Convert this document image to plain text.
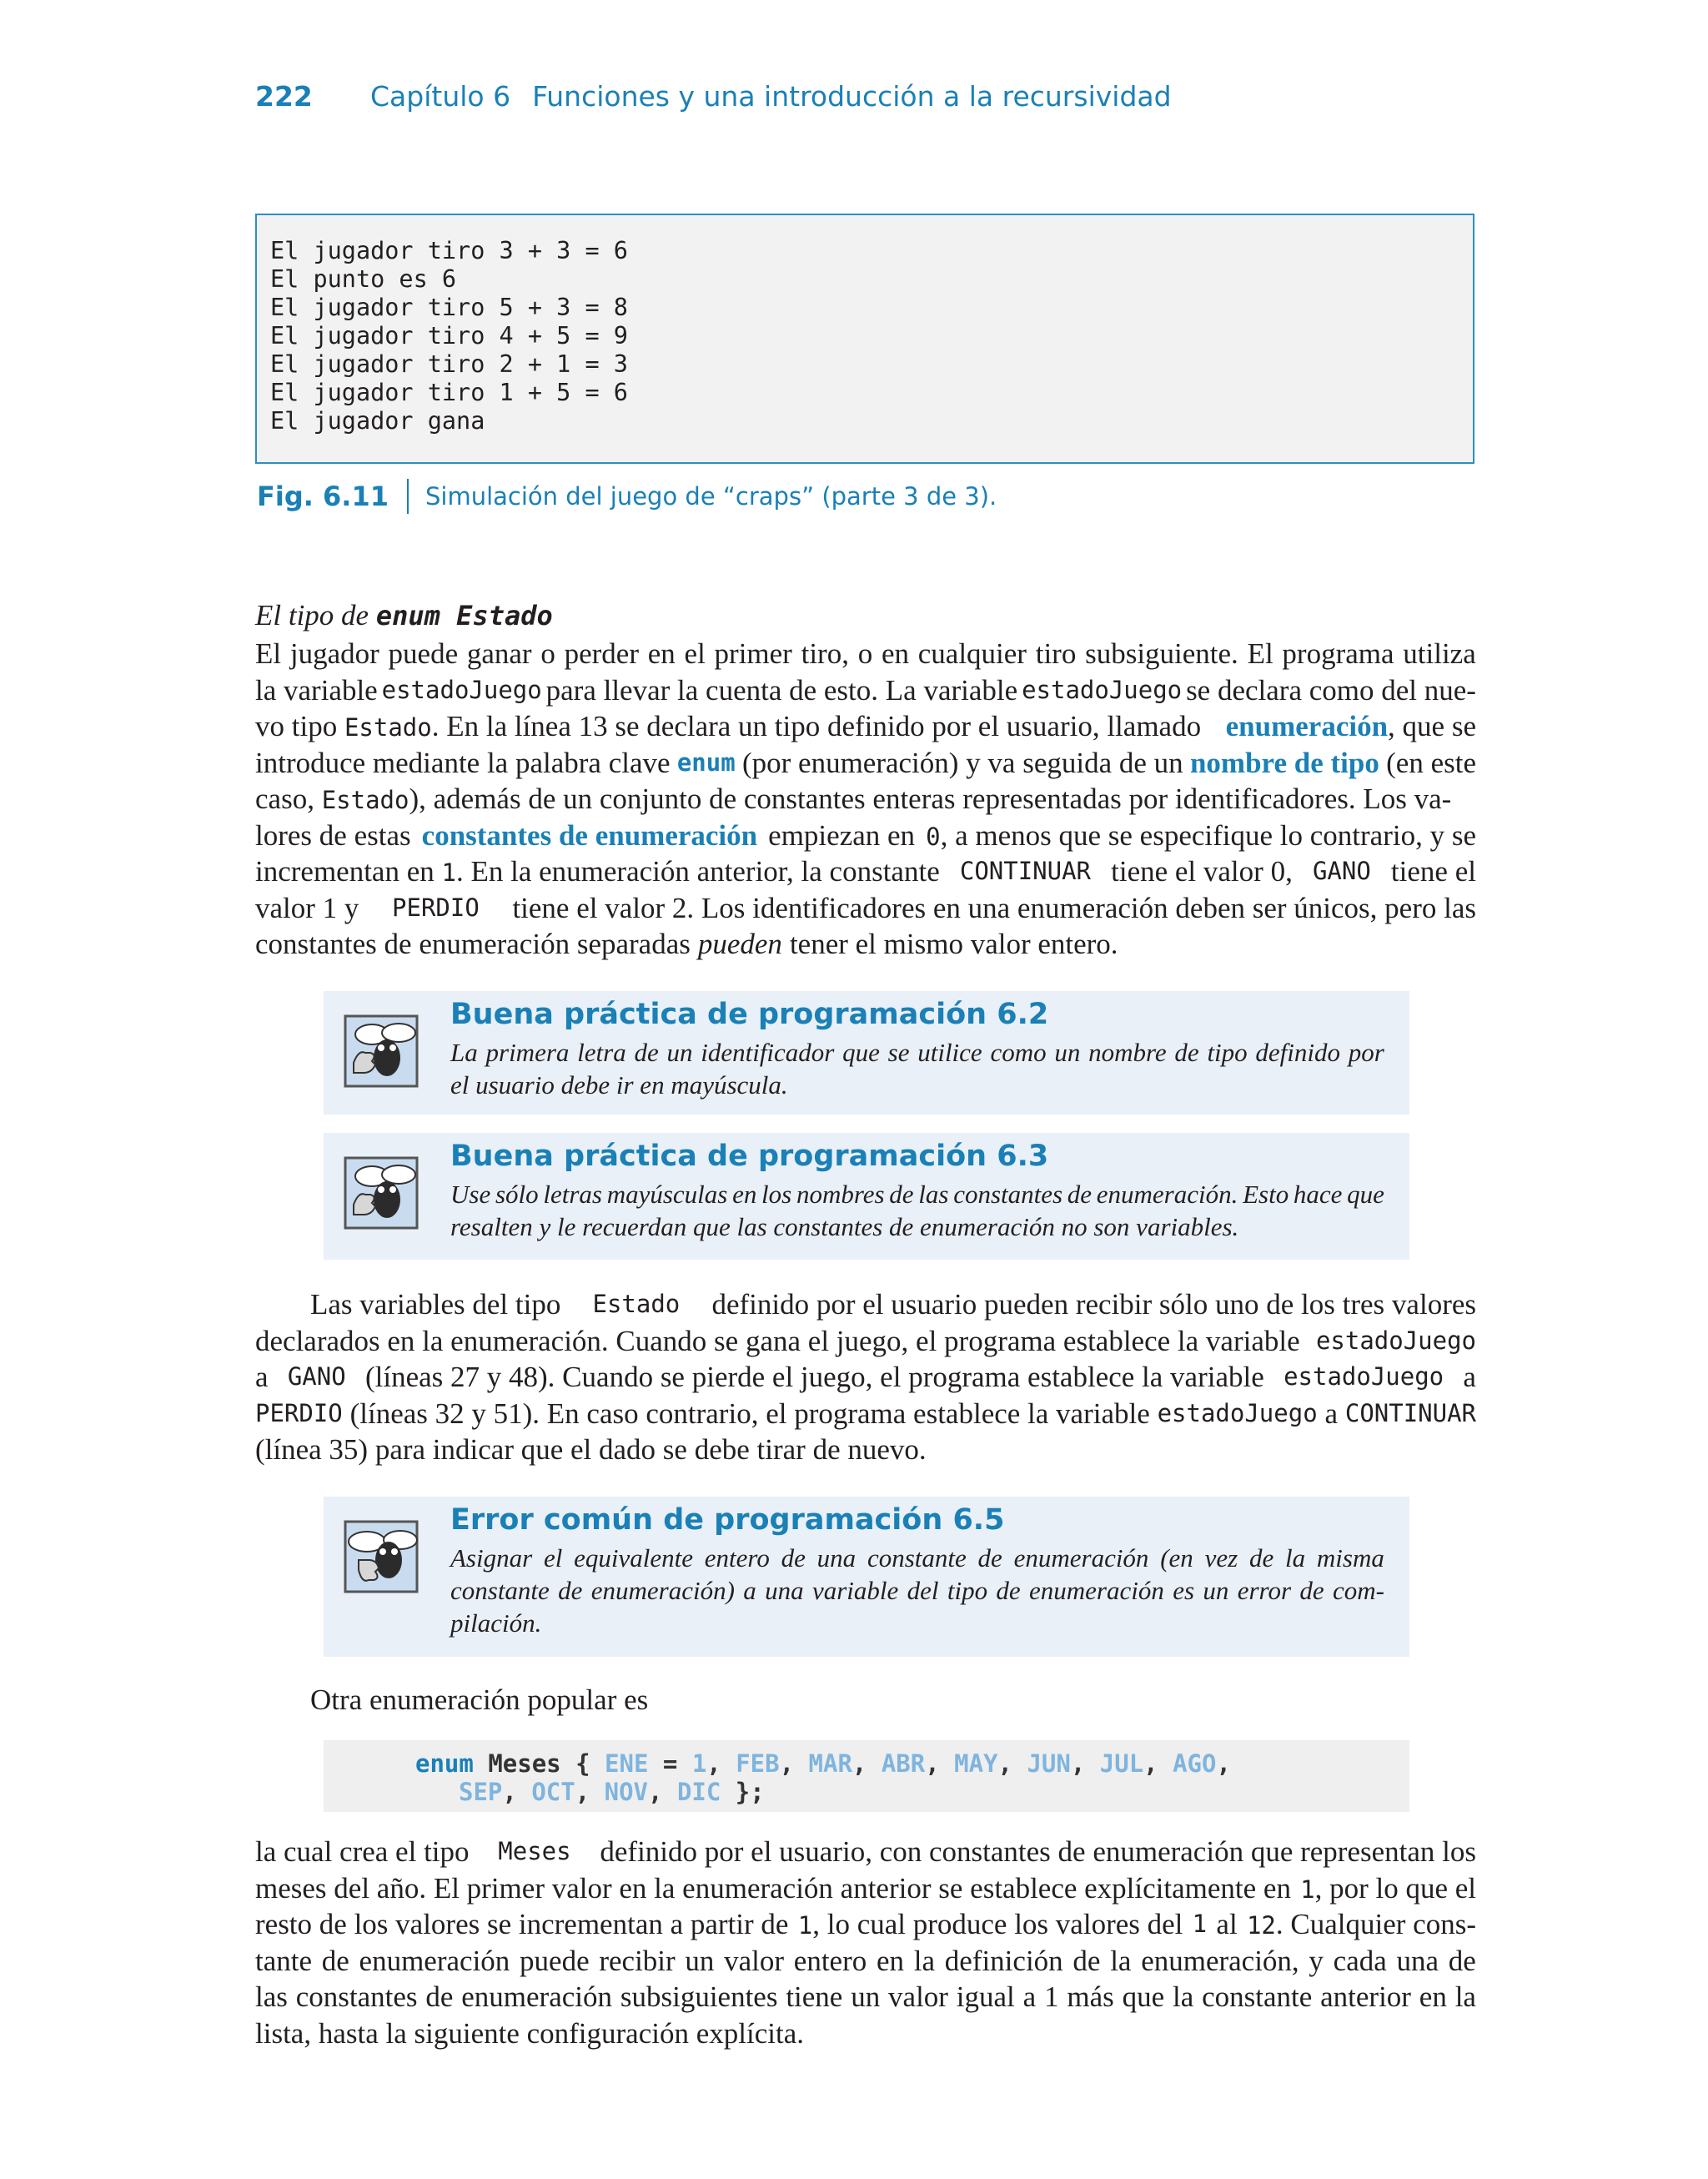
222	Capítulo 6 Funciones y una introducción a la recursividad
El jugador tiro 3 + 3 = 6
El punto es 6
El jugador tiro 5 + 3 = 8
El jugador tiro 4 + 5 = 9
El jugador tiro 2 + 1 = 3
El jugador tiro 1 + 5 = 6
El jugador gana
Fig. 6.11 Simulación del juego de “craps” (parte 3 de 3).
El tipo de enum Estado
El jugador puede ganar o perder en el primer tiro, o en cualquier tiro subsiguiente. El programa utiliza
la variable estadoJuego para llevar la cuenta de esto. La variable estadoJuego se declara como del nue-
vo tipo Estado. En la línea 13 se declara un tipo definido por el usuario, llamado enumeración, que se
introduce mediante la palabra clave enum (por enumeración) y va seguida de un nombre de tipo (en este
caso, Estado), además de un conjunto de constantes enteras representadas por identificadores. Los va-
lores de estas constantes de enumeración empiezan en 0, a menos que se especifique lo contrario, y se
incrementan en 1. En la enumeración anterior, la constante CONTINUAR tiene el valor 0, GANO tiene el
valor 1 y PERDIO tiene el valor 2. Los identificadores en una enumeración deben ser únicos, pero las
constantes de enumeración separadas pueden tener el mismo valor entero.
Buena práctica de programación 6.2
La primera letra de un identificador que se utilice como un nombre de tipo definido por
el usuario debe ir en mayúscula.
Buena práctica de programación 6.3
Use sólo letras mayúsculas en los nombres de las constantes de enumeración. Esto hace que
resalten y le recuerdan que las constantes de enumeración no son variables.
Las variables del tipo Estado definido por el usuario pueden recibir sólo uno de los tres valores
declarados en la enumeración. Cuando se gana el juego, el programa establece la variable estadoJuego
a GANO (líneas 27 y 48). Cuando se pierde el juego, el programa establece la variable estadoJuego a
PERDIO (líneas 32 y 51). En caso contrario, el programa establece la variable estadoJuego a CONTINUAR
(línea 35) para indicar que el dado se debe tirar de nuevo.
Error común de programación 6.5
Asignar el equivalente entero de una constante de enumeración (en vez de la misma
constante de enumeración) a una variable del tipo de enumeración es un error de com-
pilación.
Otra enumeración popular es
enum Meses { ENE = 1, FEB, MAR, ABR, MAY, JUN, JUL, AGO,
SEP, OCT, NOV, DIC };
la cual crea el tipo Meses definido por el usuario, con constantes de enumeración que representan los
meses del año. El primer valor en la enumeración anterior se establece explícitamente en 1, por lo que el
resto de los valores se incrementan a partir de 1, lo cual produce los valores del 1 al 12. Cualquier cons-
tante de enumeración puede recibir un valor entero en la definición de la enumeración, y cada una de
las constantes de enumeración subsiguientes tiene un valor igual a 1 más que la constante anterior en la
lista, hasta la siguiente configuración explícita.
